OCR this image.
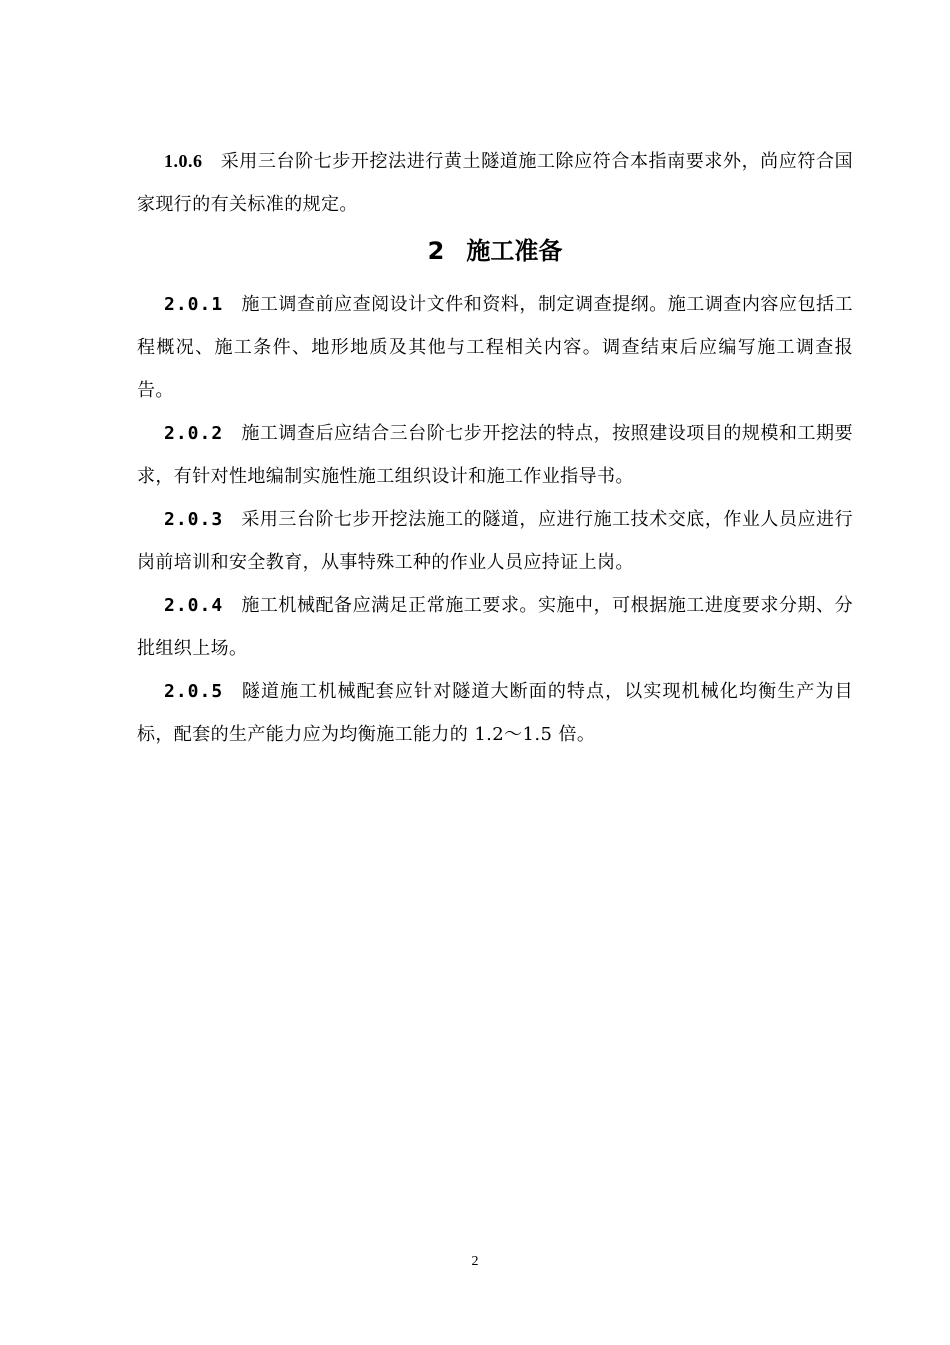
1.0.6 采用三台阶七步开挖法进行黄土隧道施工除应符合本指南要求外，尚应符合国家现行的有关标准的规定。

2 施工准备

2.0.1 施工调查前应查阅设计文件和资料，制定调查提纲。施工调查内容应包括工程概况、施工条件、地形地质及其他与工程相关内容。调查结束后应编写施工调查报告。

2.0.2 施工调查后应结合三台阶七步开挖法的特点，按照建设项目的规模和工期要求，有针对性地编制实施性施工组织设计和施工作业指导书。

2.0.3 采用三台阶七步开挖法施工的隧道，应进行施工技术交底，作业人员应进行岗前培训和安全教育，从事特殊工种的作业人员应持证上岗。

2.0.4 施工机械配备应满足正常施工要求。实施中，可根据施工进度要求分期、分批组织上场。

2.0.5 隧道施工机械配套应针对隧道大断面的特点，以实现机械化均衡生产为目标，配套的生产能力应为均衡施工能力的 1.2～1.5 倍。

2
